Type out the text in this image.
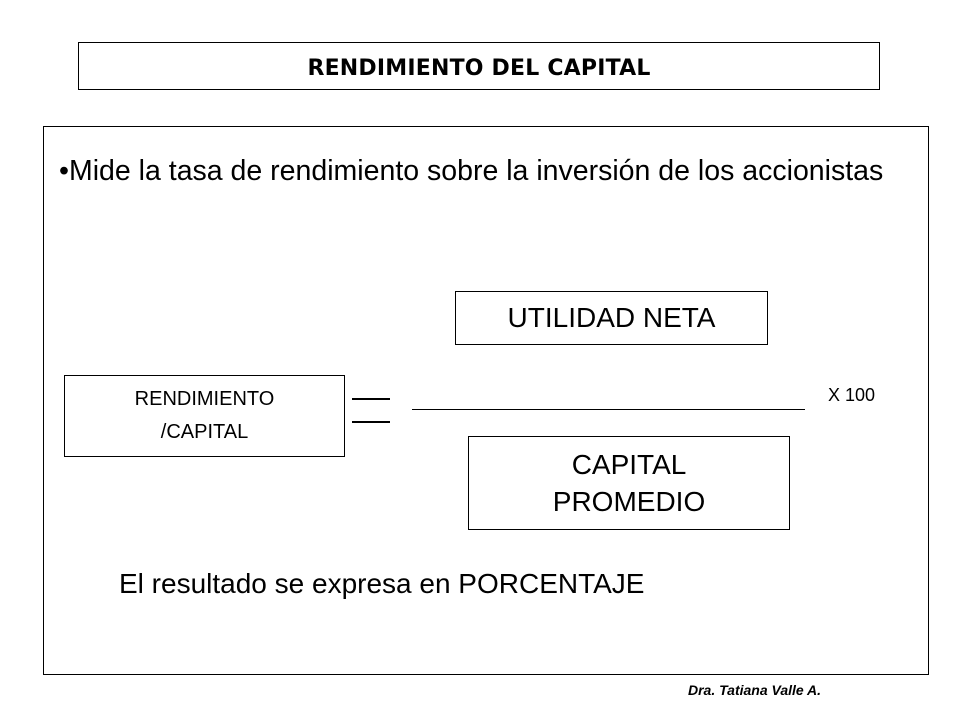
RENDIMIENTO DEL CAPITAL

•Mide la tasa de rendimiento sobre la inversión de los accionistas

UTILIDAD NETA
RENDIMIENTO
/CAPITAL
X 100
CAPITAL
PROMEDIO
El resultado se expresa en PORCENTAJE
Dra. Tatiana Valle A.
